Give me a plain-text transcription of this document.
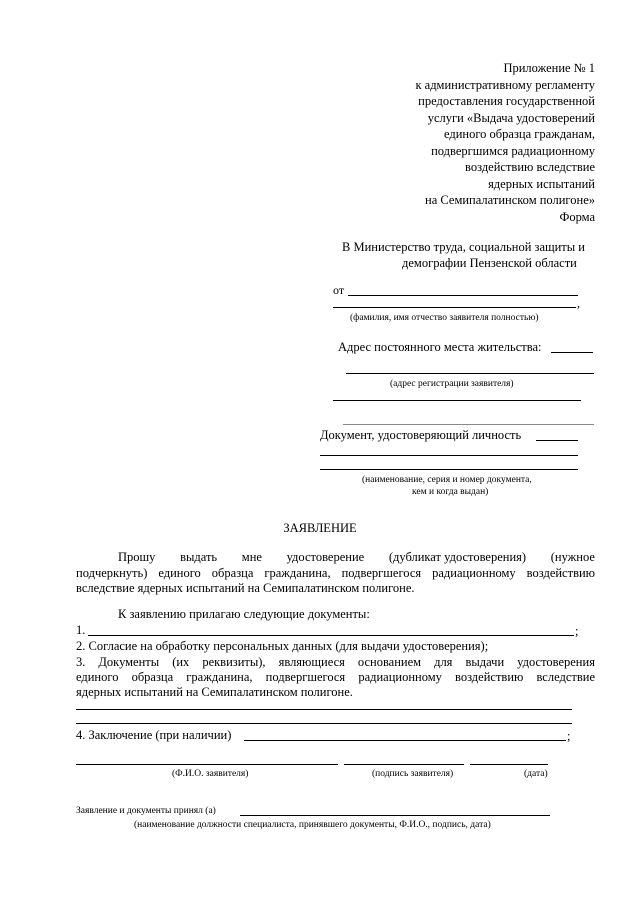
Приложение № 1
к административному регламенту
предоставления государственной
услуги «Выдача удостоверений
единого образца гражданам,
подвергшимся радиационному
воздействию вследствие
ядерных испытаний
на Семипалатинском полигоне»
Форма
В Министерство труда, социальной защиты и
демографии Пензенской области
от
,
(фамилия, имя отчество заявителя полностью)
Адрес постоянного места жительства:
(адрес регистрации заявителя)
Документ, удостоверяющий личность
(наименование, серия и номер документа,
кем и когда выдан)
ЗАЯВЛЕНИЕ
Прошу выдать мне удостоверение (дубликат удостоверения) (нужное
подчеркнуть) единого образца гражданина, подвергшегося радиационному воздействию
вследствие ядерных испытаний на Семипалатинском полигоне.
К заявлению прилагаю следующие документы:
1.	;
2. Согласие на обработку персональных данных (для выдачи удостоверения);
3. Документы (их реквизиты), являющиеся основанием для выдачи удостоверения
единого образца гражданина, подвергшегося радиационному воздействию вследствие
ядерных испытаний на Семипалатинском полигоне.
4. Заключение (при наличии)	;
(Ф.И.О. заявителя)	(подпись заявителя)	(дата)
Заявление и документы принял (а)
(наименование должности специалиста, принявшего документы, Ф.И.О., подпись, дата)
